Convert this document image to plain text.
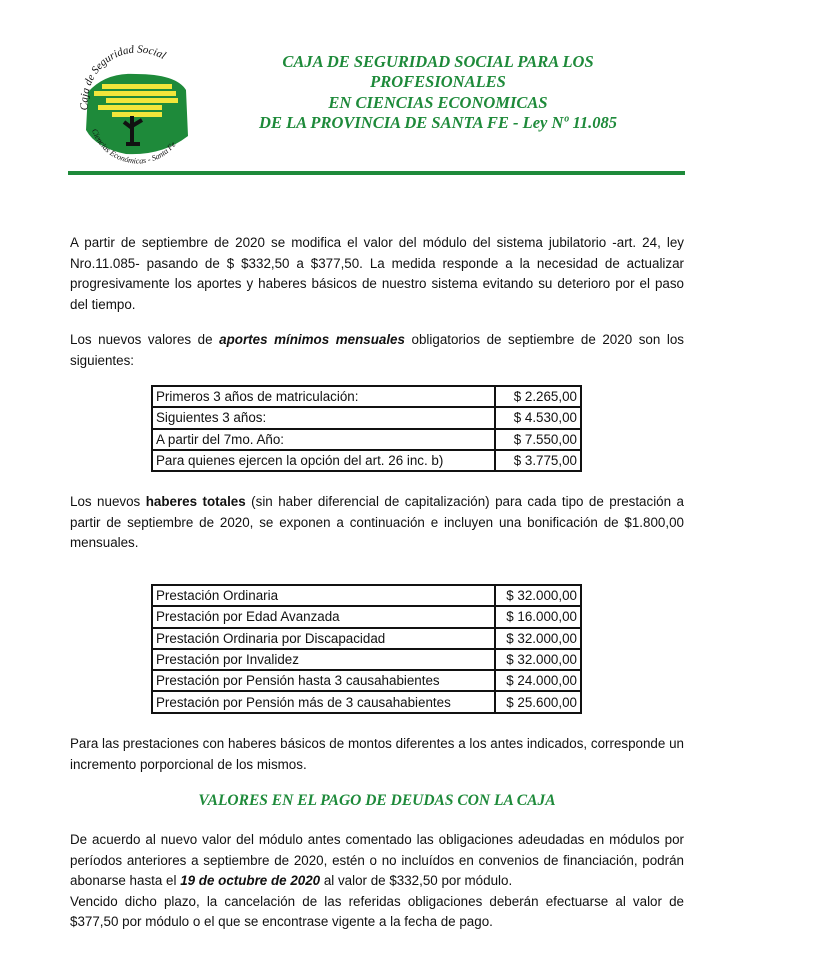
Caja de Seguridad Social
Ciencias Económicas - Santa Fe
CAJA DE SEGURIDAD SOCIAL PARA LOS
PROFESIONALES
EN CIENCIAS ECONOMICAS
DE LA PROVINCIA DE SANTA FE - Ley Nº 11.085
A partir de septiembre de 2020 se modifica el valor del módulo del sistema jubilatorio -art. 24, ley Nro.11.085- pasando de $ $332,50 a $377,50. La medida responde a la necesidad de actualizar progresivamente los aportes y haberes básicos de nuestro sistema evitando su deterioro por el paso del tiempo.
Los nuevos valores de aportes mínimos mensuales obligatorios de septiembre de 2020 son los siguientes:
Primeros 3 años de matriculación:	$ 2.265,00
Siguientes 3 años:	$ 4.530,00
A partir del 7mo. Año:	$ 7.550,00
Para quienes ejercen la opción del art. 26 inc. b)	$ 3.775,00
Los nuevos haberes totales (sin haber diferencial de capitalización) para cada tipo de prestación a partir de septiembre de 2020, se exponen a continuación e incluyen una bonificación de $1.800,00 mensuales.
Prestación Ordinaria	$ 32.000,00
Prestación por Edad Avanzada	$ 16.000,00
Prestación Ordinaria por Discapacidad	$ 32.000,00
Prestación por Invalidez	$ 32.000,00
Prestación por Pensión hasta 3 causahabientes	$ 24.000,00
Prestación por Pensión más de 3 causahabientes	$ 25.600,00
Para las prestaciones con haberes básicos de montos diferentes a los antes indicados, corresponde un incremento porporcional de los mismos.
VALORES EN EL PAGO DE DEUDAS CON LA CAJA
De acuerdo al nuevo valor del módulo antes comentado las obligaciones adeudadas en módulos por períodos anteriores a septiembre de 2020, estén o no incluídos en convenios de financiación, podrán abonarse hasta el 19 de octubre de 2020 al valor de $332,50 por módulo.
Vencido dicho plazo, la cancelación de las referidas obligaciones deberán efectuarse al valor de $377,50 por módulo o el que se encontrase vigente a la fecha de pago.
